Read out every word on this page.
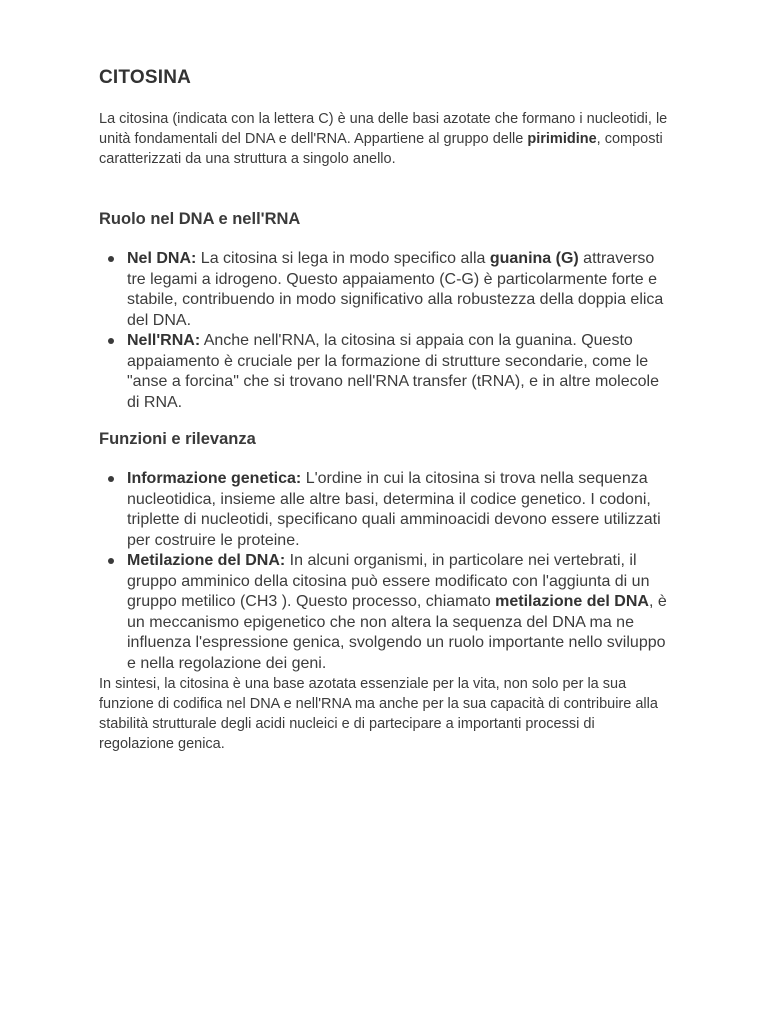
CITOSINA

La citosina (indicata con la lettera C) è una delle basi azotate che formano i nucleotidi, le unità fondamentali del DNA e dell'RNA. Appartiene al gruppo delle pirimidine, composti caratterizzati da una struttura a singolo anello.

Ruolo nel DNA e nell'RNA
Nel DNA: La citosina si lega in modo specifico alla guanina (G) attraverso tre legami a idrogeno. Questo appaiamento (C-G) è particolarmente forte e stabile, contribuendo in modo significativo alla robustezza della doppia elica del DNA.
Nell'RNA: Anche nell'RNA, la citosina si appaia con la guanina. Questo appaiamento è cruciale per la formazione di strutture secondarie, come le "anse a forcina" che si trovano nell'RNA transfer (tRNA), e in altre molecole di RNA.
Funzioni e rilevanza
Informazione genetica: L'ordine in cui la citosina si trova nella sequenza nucleotidica, insieme alle altre basi, determina il codice genetico. I codoni, triplette di nucleotidi, specificano quali amminoacidi devono essere utilizzati per costruire le proteine.
Metilazione del DNA: In alcuni organismi, in particolare nei vertebrati, il gruppo amminico della citosina può essere modificato con l'aggiunta di un gruppo metilico (CH3 ). Questo processo, chiamato metilazione del DNA, è un meccanismo epigenetico che non altera la sequenza del DNA ma ne influenza l'espressione genica, svolgendo un ruolo importante nello sviluppo e nella regolazione dei geni.

In sintesi, la citosina è una base azotata essenziale per la vita, non solo per la sua funzione di codifica nel DNA e nell'RNA ma anche per la sua capacità di contribuire alla stabilità strutturale degli acidi nucleici e di partecipare a importanti processi di regolazione genica.
